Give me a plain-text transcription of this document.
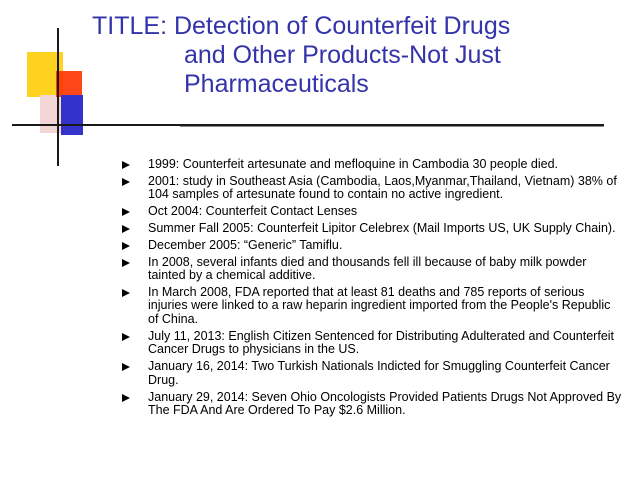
TITLE: Detection of Counterfeit Drugs
and Other Products-Not Just
Pharmaceuticals
1999: Counterfeit artesunate and mefloquine in Cambodia 30 people died.
2001: study in Southeast Asia (Cambodia, Laos,Myanmar,Thailand, Vietnam) 38% of 104 samples of artesunate found to contain no active ingredient.
Oct 2004: Counterfeit Contact Lenses
Summer Fall 2005: Counterfeit Lipitor Celebrex (Mail Imports US, UK Supply Chain).
December 2005: “Generic” Tamiflu.
In 2008, several infants died and thousands fell ill because of baby milk powder tainted by a chemical additive.
In March 2008, FDA reported that at least 81 deaths and 785 reports of serious injuries were linked to a raw heparin ingredient imported from the People's Republic of China.
July 11, 2013: English Citizen Sentenced for Distributing Adulterated and Counterfeit Cancer Drugs to physicians in the US.
January 16, 2014: Two Turkish Nationals Indicted for Smuggling Counterfeit Cancer Drug.
January 29, 2014: Seven Ohio Oncologists Provided Patients Drugs Not Approved By The FDA And Are Ordered To Pay $2.6 Million.
